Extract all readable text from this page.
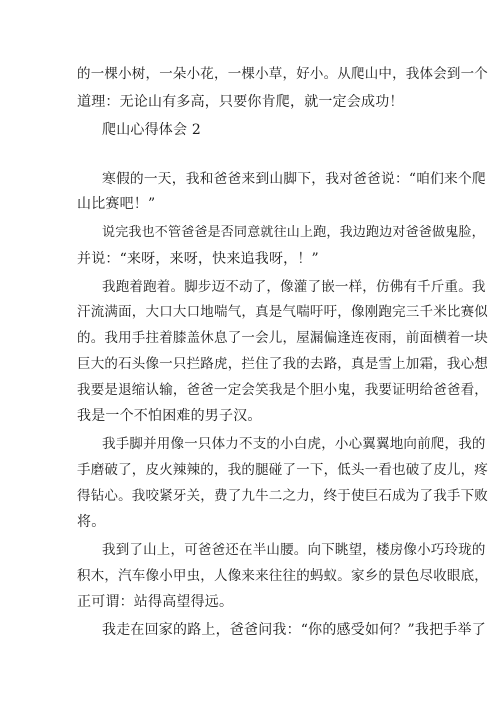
的一棵小树，一朵小花，一棵小草，好小。从爬山中，我体会到一个
道理：无论山有多高，只要你肯爬，就一定会成功！
爬山心得体会 2
寒假的一天，我和爸爸来到山脚下，我对爸爸说：“咱们来个爬
山比赛吧！”
说完我也不管爸爸是否同意就往山上跑，我边跑边对爸爸做鬼脸，
并说：“来呀，来呀，快来追我呀，！”
我跑着跑着。脚步迈不动了，像灌了嵌一样，仿佛有千斤重。我
汗流满面，大口大口地喘气，真是气喘吁吁，像刚跑完三千米比赛似
的。我用手拄着膝盖休息了一会儿，屋漏偏逢连夜雨，前面横着一块
巨大的石头像一只拦路虎，拦住了我的去路，真是雪上加霜，我心想
我要是退缩认输，爸爸一定会笑我是个胆小鬼，我要证明给爸爸看，
我是一个不怕困难的男子汉。
我手脚并用像一只体力不支的小白虎，小心翼翼地向前爬，我的
手磨破了，皮火辣辣的，我的腿碰了一下，低头一看也破了皮儿，疼
得钻心。我咬紧牙关，费了九牛二之力，终于使巨石成为了我手下败
将。
我到了山上，可爸爸还在半山腰。向下眺望，楼房像小巧玲珑的
积木，汽车像小甲虫，人像来来往往的蚂蚁。家乡的景色尽收眼底，
正可谓：站得高望得远。
我走在回家的路上，爸爸问我：“你的感受如何？”我把手举了
